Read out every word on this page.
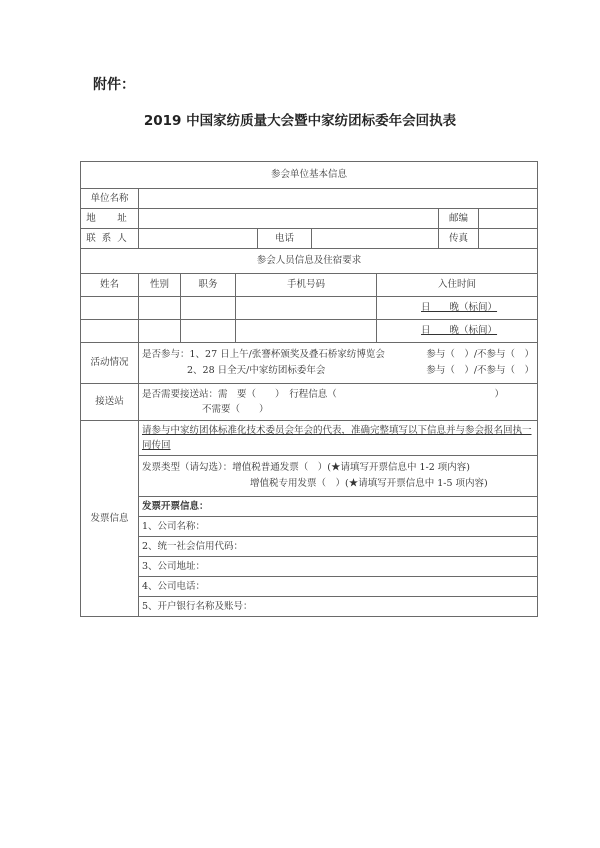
附件：
2019 中国家纺质量大会暨中家纺团标委年会回执表
参会单位基本信息								
单位名称								
地　址							邮编	
联系人				电话			传真	
参会人员信息及住宿要求								
姓名	性别	职务	手机号码			入住时间		
						日　　晚（标间）		
						日　　晚（标间）		
活动情况	是否参与：1、27 日上午/张謇杯颁奖及叠石桥家纺博览会 参与（　）/不参与（　）
2、28 日全天/中家纺团标委年会 参与（　）/不参与（　）							

接送站	是否需要接送站：需　要（　　）　行程信息（ ）
不需要（　　）							

发票信息	请参与中家纺团体标准化技术委员会年会的代表，准确完整填写以下信息并与参会报名回执一同传回							

	发票类型（请勾选）：增值税普通发票（　）(★请填写开票信息中 1-2 项内容)
增值税专用发票（　）(★请填写开票信息中 1-5 项内容)							

	发票开票信息：							
	1、公司名称：							
	2、统一社会信用代码：							
	3、公司地址：							
	4、公司电话：							
	5、开户银行名称及账号：							
